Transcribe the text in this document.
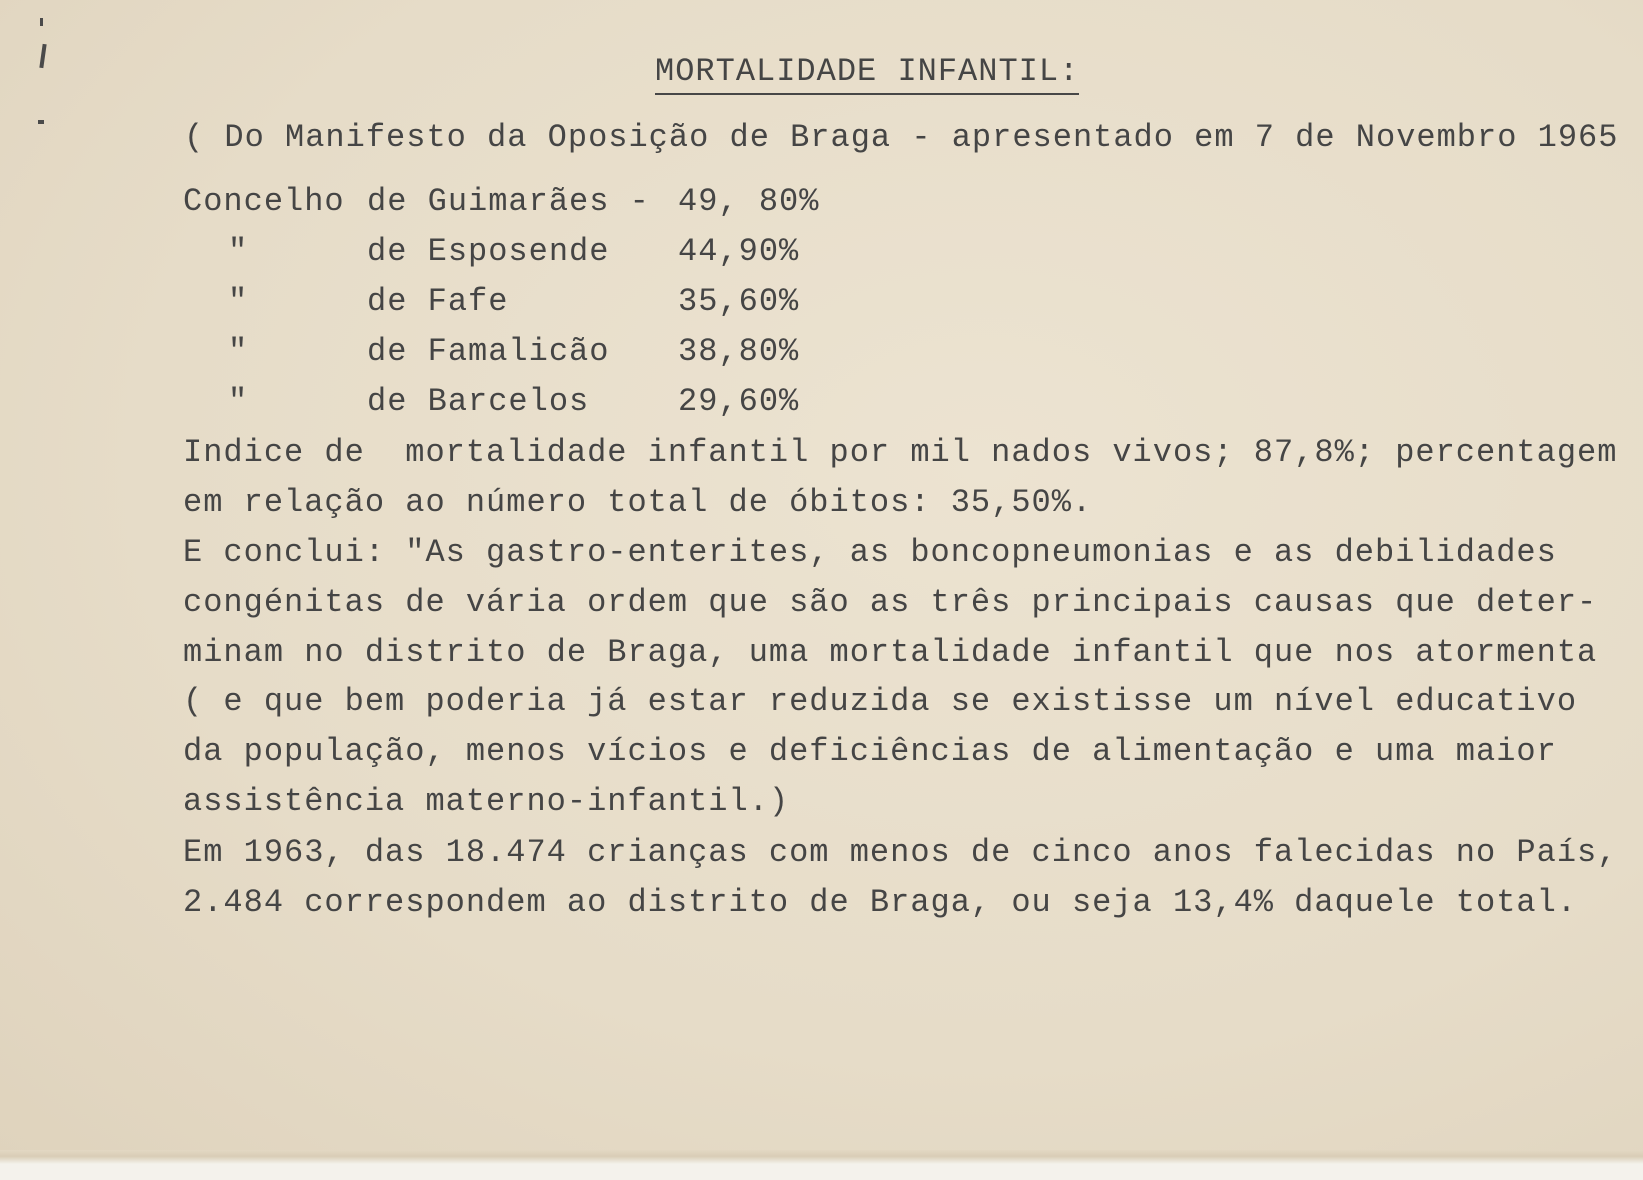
MORTALIDADE INFANTIL:
( Do Manifesto da Oposição de Braga - apresentado em 7 de Novembro 1965
Concelho de Guimarães - 49, 80%
"	de Esposende 44,90%
"	de Fafe	35,60%
"	de Famalicão 38,80%
"	de Barcelos	29,60%
Indice de  mortalidade infantil por mil nados vivos; 87,8%; percentagem
em relação ao número total de óbitos: 35,50%.
E conclui: "As gastro-enterites, as boncopneumonias e as debilidades
congénitas de vária ordem que são as três principais causas que deter-
minam no distrito de Braga, uma mortalidade infantil que nos atormenta
( e que bem poderia já estar reduzida se existisse um nível educativo
da população, menos vícios e deficiências de alimentação e uma maior
assistência materno-infantil.)
Em 1963, das 18.474 crianças com menos de cinco anos falecidas no País,
2.484 correspondem ao distrito de Braga, ou seja 13,4% daquele total.
